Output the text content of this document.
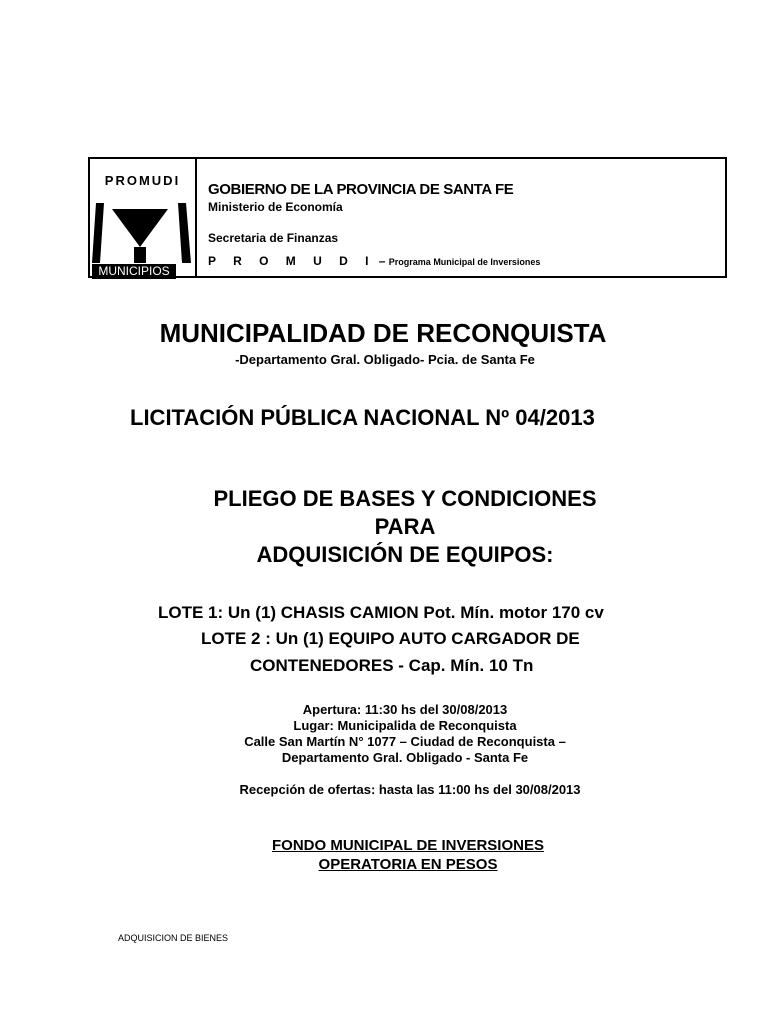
PROMUDI
MUNICIPIOS
GOBIERNO DE LA PROVINCIA DE SANTA FE
Ministerio de Economía
Secretaria de Finanzas
P R O M U D I – Programa Municipal de Inversiones
MUNICIPALIDAD DE RECONQUISTA
-Departamento Gral. Obligado- Pcia. de Santa Fe
LICITACIÓN PÚBLICA NACIONAL Nº 04/2013
PLIEGO DE BASES Y CONDICIONES
PARA
ADQUISICIÓN DE EQUIPOS:
LOTE 1: Un (1) CHASIS CAMION Pot. Mín. motor 170 cv
LOTE 2 : Un (1) EQUIPO AUTO CARGADOR DE
CONTENEDORES - Cap. Mín. 10 Tn
Apertura: 11:30 hs del 30/08/2013
Lugar: Municipalida de Reconquista
Calle San Martín N° 1077 – Ciudad de Reconquista –
Departamento Gral. Obligado - Santa Fe
Recepción de ofertas: hasta las 11:00 hs del 30/08/2013
FONDO MUNICIPAL DE INVERSIONES
OPERATORIA EN PESOS
ADQUISICION DE BIENES
